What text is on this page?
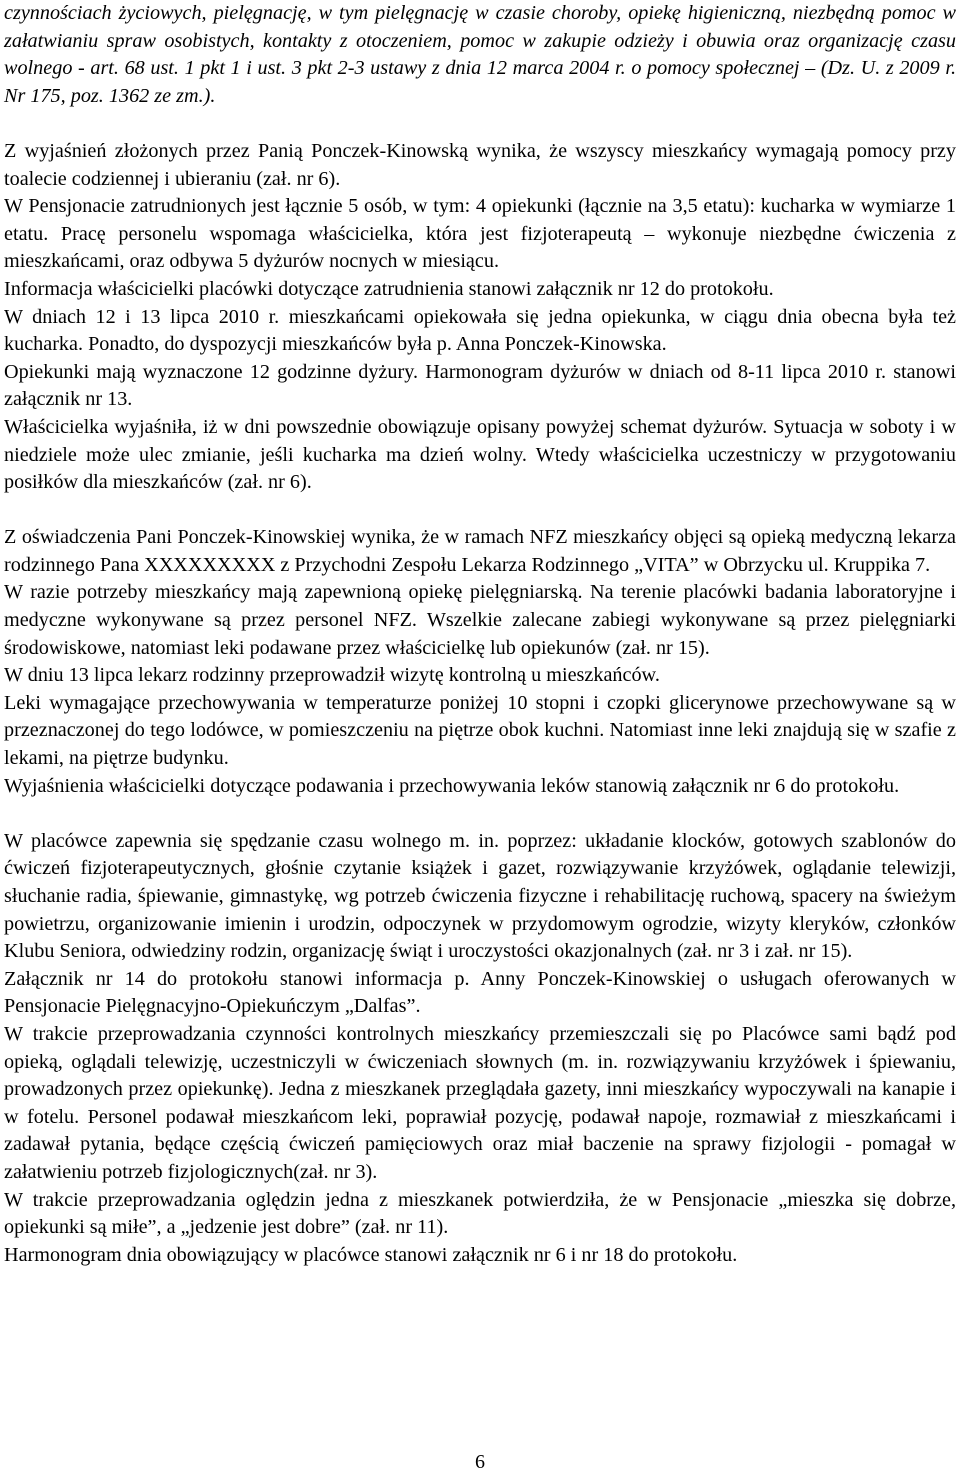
czynnościach życiowych, pielęgnację, w tym pielęgnację w czasie choroby, opiekę higieniczną, niezbędną pomoc w załatwianiu spraw osobistych, kontakty z otoczeniem, pomoc w zakupie odzieży i obuwia oraz organizację czasu wolnego - art. 68 ust. 1 pkt 1 i ust. 3 pkt 2-3 ustawy z dnia 12 marca 2004 r. o pomocy społecznej – (Dz. U. z 2009 r. Nr 175, poz. 1362 ze zm.).

Z wyjaśnień złożonych przez Panią Ponczek-Kinowską wynika, że wszyscy mieszkańcy wymagają pomocy przy toalecie codziennej i ubieraniu (zał. nr 6).

W Pensjonacie zatrudnionych jest łącznie 5 osób, w tym: 4 opiekunki (łącznie na 3,5 etatu): kucharka w wymiarze 1 etatu. Pracę personelu wspomaga właścicielka, która jest fizjoterapeutą – wykonuje niezbędne ćwiczenia z mieszkańcami, oraz odbywa 5 dyżurów nocnych w miesiącu.

Informacja właścicielki placówki dotyczące zatrudnienia stanowi załącznik nr 12 do protokołu.

W dniach 12 i 13 lipca 2010 r. mieszkańcami opiekowała się jedna opiekunka, w ciągu dnia obecna była też kucharka. Ponadto, do dyspozycji mieszkańców była p. Anna Ponczek-Kinowska.

Opiekunki mają wyznaczone 12 godzinne dyżury. Harmonogram dyżurów w dniach od 8-11 lipca 2010 r. stanowi załącznik nr 13.

Właścicielka wyjaśniła, iż w dni powszednie obowiązuje opisany powyżej schemat dyżurów. Sytuacja w soboty i w niedziele może ulec zmianie, jeśli kucharka ma dzień wolny. Wtedy właścicielka uczestniczy w przygotowaniu posiłków dla mieszkańców (zał. nr 6).

Z oświadczenia Pani Ponczek-Kinowskiej wynika, że w ramach NFZ mieszkańcy objęci są opieką medyczną lekarza rodzinnego Pana XXXXXXXXX z Przychodni Zespołu Lekarza Rodzinnego „VITA” w Obrzycku ul. Kruppika 7.

W razie potrzeby mieszkańcy mają zapewnioną opiekę pielęgniarską. Na terenie placówki badania laboratoryjne i medyczne wykonywane są przez personel NFZ. Wszelkie zalecane zabiegi wykonywane są przez pielęgniarki środowiskowe, natomiast leki podawane przez właścicielkę lub opiekunów (zał. nr 15).

W dniu 13 lipca lekarz rodzinny przeprowadził wizytę kontrolną u mieszkańców.

Leki wymagające przechowywania w temperaturze poniżej 10 stopni i czopki glicerynowe przechowywane są w przeznaczonej do tego lodówce, w pomieszczeniu na piętrze obok kuchni. Natomiast inne leki znajdują się w szafie z lekami, na piętrze budynku.

Wyjaśnienia właścicielki dotyczące podawania i przechowywania leków stanowią załącznik nr 6 do protokołu.

W placówce zapewnia się spędzanie czasu wolnego m. in. poprzez: układanie klocków, gotowych szablonów do ćwiczeń fizjoterapeutycznych, głośnie czytanie książek i gazet, rozwiązywanie krzyżówek, oglądanie telewizji, słuchanie radia, śpiewanie, gimnastykę, wg potrzeb ćwiczenia fizyczne i rehabilitację ruchową, spacery na świeżym powietrzu, organizowanie imienin i urodzin, odpoczynek w przydomowym ogrodzie, wizyty kleryków, członków Klubu Seniora, odwiedziny rodzin, organizację świąt i uroczystości okazjonalnych (zał. nr 3 i zał. nr 15).

Załącznik nr 14 do protokołu stanowi informacja p. Anny Ponczek-Kinowskiej o usługach oferowanych w Pensjonacie Pielęgnacyjno-Opiekuńczym „Dalfas”.

W trakcie przeprowadzania czynności kontrolnych mieszkańcy przemieszczali się po Placówce sami bądź pod opieką, oglądali telewizję, uczestniczyli w ćwiczeniach słownych (m. in. rozwiązywaniu krzyżówek i śpiewaniu, prowadzonych przez opiekunkę). Jedna z mieszkanek przeglądała gazety, inni mieszkańcy wypoczywali na kanapie i w fotelu. Personel podawał mieszkańcom leki, poprawiał pozycję, podawał napoje, rozmawiał z mieszkańcami i zadawał pytania, będące częścią ćwiczeń pamięciowych oraz miał baczenie na sprawy fizjologii - pomagał w załatwieniu potrzeb fizjologicznych(zał. nr 3).

W trakcie przeprowadzania oględzin jedna z mieszkanek potwierdziła, że w Pensjonacie „mieszka się dobrze, opiekunki są miłe”, a „jedzenie jest dobre” (zał. nr 11).

Harmonogram dnia obowiązujący w placówce stanowi załącznik nr 6 i nr 18 do protokołu.

6
